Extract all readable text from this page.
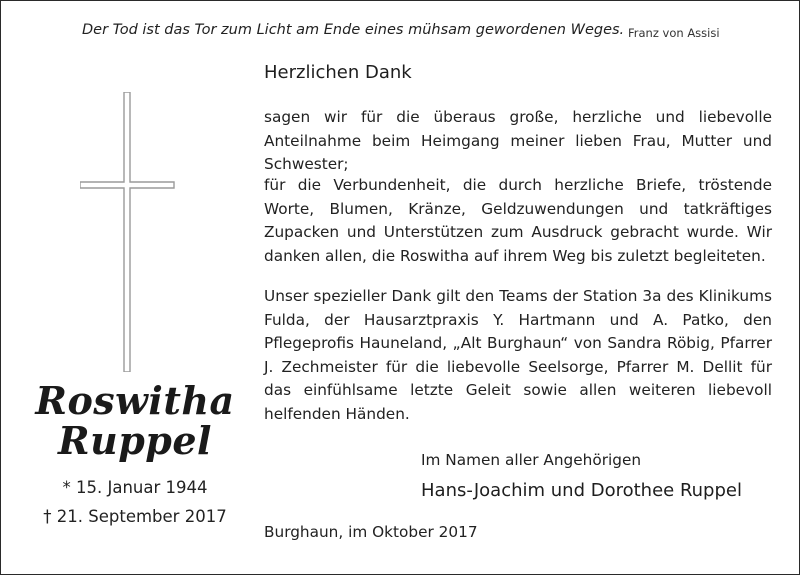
Der Tod ist das Tor zum Licht am Ende eines mühsam gewordenen Weges. Franz von Assisi
Roswitha
Ruppel
* 15. Januar 1944
† 21. September 2017
Herzlichen Dank

sagen wir für die überaus große, herzliche und liebevolle Anteilnahme beim Heimgang meiner lieben Frau, Mutter und Schwester;

für die Verbundenheit, die durch herzliche Briefe, tröstende Worte, Blumen, Kränze, Geldzuwendungen und tatkräftiges Zupacken und Unterstützen zum Ausdruck gebracht wurde. Wir danken allen, die Roswitha auf ihrem Weg bis zuletzt begleiteten.

Unser spezieller Dank gilt den Teams der Station 3a des Klinikums Fulda, der Hausarztpraxis Y. Hartmann und A. Patko, den Pflegeprofis Hauneland, „Alt Burghaun“ von Sandra Röbig, Pfarrer J. Zechmeister für die liebevolle Seelsorge, Pfarrer M. Dellit für das einfühlsame letzte Geleit sowie allen weiteren liebevoll helfenden Händen.

Im Namen aller Angehörigen
Hans-Joachim und Dorothee Ruppel
Burghaun, im Oktober 2017
